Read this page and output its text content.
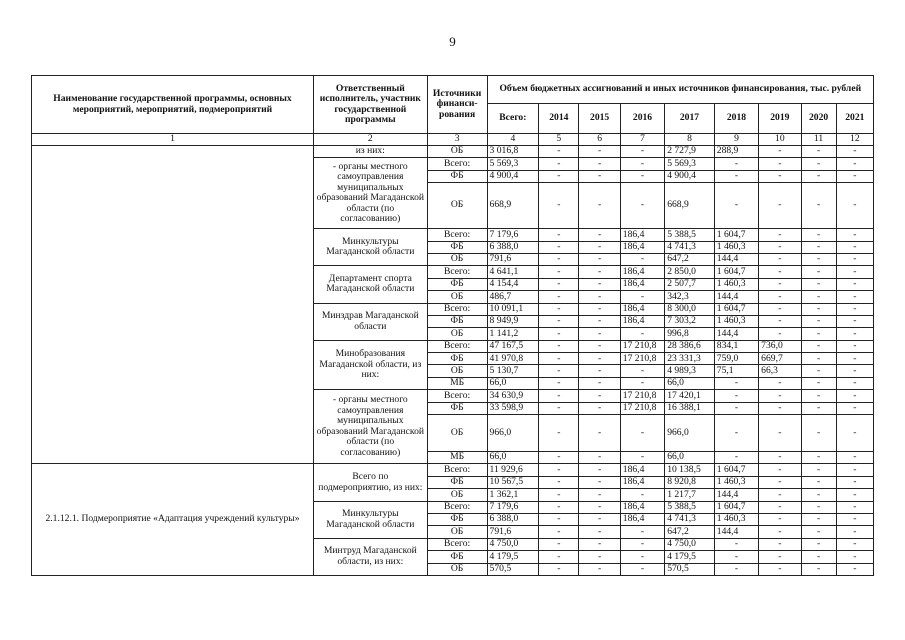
9
Наименование государственной программы, основных мероприятий, мероприятий, подмероприятий	Ответственный исполнитель, участник государственной программы	Источники финанси-рования	Объем бюджетных ассигнований и иных источников финансирования, тыс. рублей								
			Всего:	2014	2015	2016	2017	2018	2019	2020	2021
1	2	3	4	5	6	7	8	9	10	11	12
	из них:	ОБ	3 016,8	-	-	-	2 727,9	288,9	-	-	-
	- органы местного самоуправления муниципальных образований Магаданской области (по согласованию)	Всего:	5 569,3	-	-	-	5 569,3	-	-	-	-
		ФБ	4 900,4	-	-	-	4 900,4	-	-	-	-
		ОБ	668,9	-	-	-	668,9	-	-	-	-
	Минкультуры Магаданской области	Всего:	7 179,6	-	-	186,4	5 388,5	1 604,7	-	-	-
		ФБ	6 388,0	-	-	186,4	4 741,3	1 460,3	-	-	-
		ОБ	791,6	-	-	-	647,2	144,4	-	-	-
	Департамент спорта Магаданской области	Всего:	4 641,1	-	-	186,4	2 850,0	1 604,7	-	-	-
		ФБ	4 154,4	-	-	186,4	2 507,7	1 460,3	-	-	-
		ОБ	486,7	-	-	-	342,3	144,4	-	-	-
	Минздрав Магаданской области	Всего:	10 091,1	-	-	186,4	8 300,0	1 604,7	-	-	-
		ФБ	8 949,9	-	-	186,4	7 303,2	1 460,3	-	-	-
		ОБ	1 141,2	-	-	-	996,8	144,4	-	-	-
	Минобразования Магаданской области, из них:	Всего:	47 167,5	-	-	17 210,8	28 386,6	834,1	736,0	-	-
		ФБ	41 970,8	-	-	17 210,8	23 331,3	759,0	669,7	-	-
		ОБ	5 130,7	-	-	-	4 989,3	75,1	66,3	-	-
		МБ	66,0	-	-	-	66,0	-	-	-	-
	- органы местного самоуправления муниципальных образований Магаданской области (по согласованию)	Всего:	34 630,9	-	-	17 210,8	17 420,1	-	-	-	-
		ФБ	33 598,9	-	-	17 210,8	16 388,1	-	-	-	-
		ОБ	966,0	-	-	-	966,0	-	-	-	-
		МБ	66,0	-	-	-	66,0	-	-	-	-
2.1.12.1. Подмероприятие «Адаптация учреждений культуры»	Всего по подмероприятию, из них:	Всего:	11 929,6	-	-	186,4	10 138,5	1 604,7	-	-	-
		ФБ	10 567,5	-	-	186,4	8 920,8	1 460,3	-	-	-
		ОБ	1 362,1	-	-	-	1 217,7	144,4	-	-	-
	Минкультуры Магаданской области	Всего:	7 179,6	-	-	186,4	5 388,5	1 604,7	-	-	-
		ФБ	6 388,0	-	-	186,4	4 741,3	1 460,3	-	-	-
		ОБ	791,6	-	-	-	647,2	144,4	-	-	-
	Минтруд Магаданской области, из них:	Всего:	4 750,0	-	-	-	4 750,0	-	-	-	-
		ФБ	4 179,5	-	-	-	4 179,5	-	-	-	-
		ОБ	570,5	-	-	-	570,5	-	-	-	-
